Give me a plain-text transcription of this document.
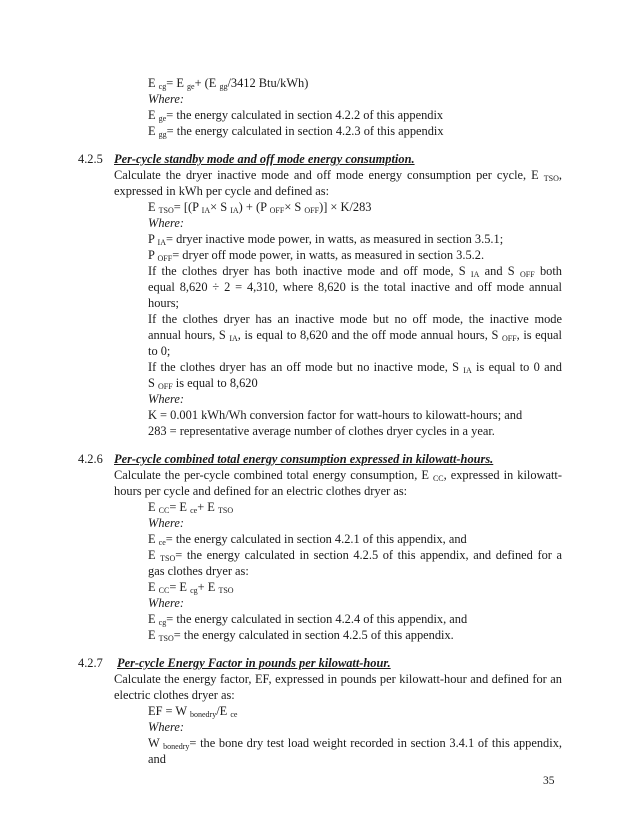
E $_{cg}$= E $_{ge}$+ (E $_{gg}$/3412 Btu/kWh)
Where:
E $_{ge}$= the energy calculated in section 4.2.2 of this appendix
E $_{gg}$= the energy calculated in section 4.2.3 of this appendix
4.2.5 Per-cycle standby mode and off mode energy consumption.
Calculate the dryer inactive mode and off mode energy consumption per cycle, E $_{TSO}$,
expressed in kWh per cycle and defined as:
E $_{TSO}$= [(P $_{IA}$× S $_{IA}$) + (P $_{OFF}$× S $_{OFF}$)] × K/283
Where:
P $_{IA}$= dryer inactive mode power, in watts, as measured in section 3.5.1;
P $_{OFF}$= dryer off mode power, in watts, as measured in section 3.5.2.
If the clothes dryer has both inactive mode and off mode, S $_{IA}$ and S $_{OFF}$ both
equal 8,620 ÷ 2 = 4,310, where 8,620 is the total inactive and off mode annual
hours;
If the clothes dryer has an inactive mode but no off mode, the inactive mode
annual hours, S $_{IA}$, is equal to 8,620 and the off mode annual hours, S $_{OFF}$, is equal
to 0;
If the clothes dryer has an off mode but no inactive mode, S $_{IA}$ is equal to 0 and
S $_{OFF}$ is equal to 8,620
Where:
K = 0.001 kWh/Wh conversion factor for watt-hours to kilowatt-hours; and
283 = representative average number of clothes dryer cycles in a year.
4.2.6 Per-cycle combined total energy consumption expressed in kilowatt-hours.
Calculate the per-cycle combined total energy consumption, E $_{CC}$, expressed in kilowatt-
hours per cycle and defined for an electric clothes dryer as:
E $_{CC}$= E $_{ce}$+ E $_{TSO}$
Where:
E $_{ce}$= the energy calculated in section 4.2.1 of this appendix, and
E $_{TSO}$= the energy calculated in section 4.2.5 of this appendix, and defined for a
gas clothes dryer as:
E $_{CC}$= E $_{cg}$+ E $_{TSO}$
Where:
E $_{cg}$= the energy calculated in section 4.2.4 of this appendix, and
E $_{TSO}$= the energy calculated in section 4.2.5 of this appendix.
4.2.7 Per-cycle Energy Factor in pounds per kilowatt-hour.
Calculate the energy factor, EF, expressed in pounds per kilowatt-hour and defined for an
electric clothes dryer as:
EF = W $_{bonedry}$/E $_{ce}$
Where:
W $_{bonedry}$= the bone dry test load weight recorded in section 3.4.1 of this appendix,
and
35
